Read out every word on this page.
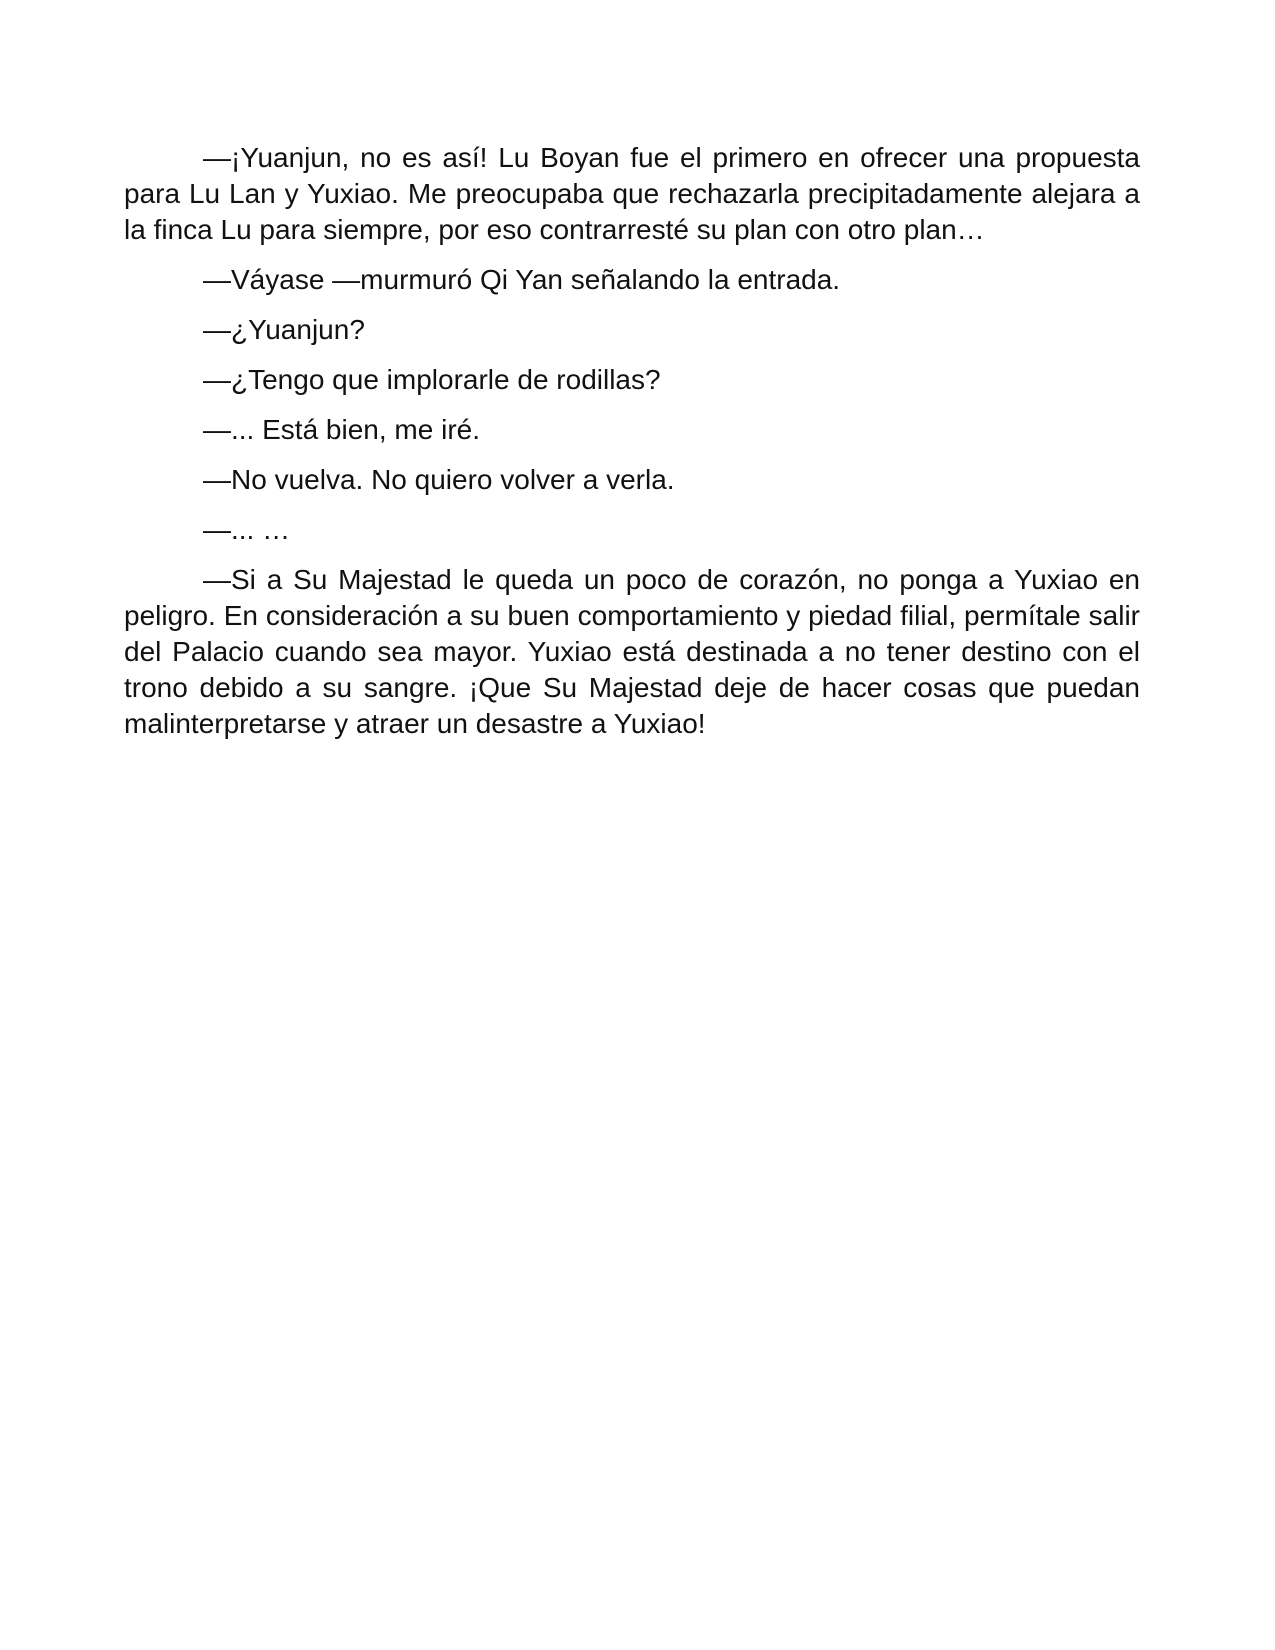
—¡Yuanjun, no es así! Lu Boyan fue el primero en ofrecer una propuesta para Lu Lan y Yuxiao. Me preocupaba que rechazarla precipitadamente alejara a la finca Lu para siempre, por eso contrarresté su plan con otro plan…

—Váyase —murmuró Qi Yan señalando la entrada.

—¿Yuanjun?

—¿Tengo que implorarle de rodillas?

—... Está bien, me iré.

—No vuelva. No quiero volver a verla.

—... …

—Si a Su Majestad le queda un poco de corazón, no ponga a Yuxiao en peligro. En consideración a su buen comportamiento y piedad filial, permítale salir del Palacio cuando sea mayor. Yuxiao está destinada a no tener destino con el trono debido a su sangre. ¡Que Su Majestad deje de hacer cosas que puedan malinterpretarse y atraer un desastre a Yuxiao!
